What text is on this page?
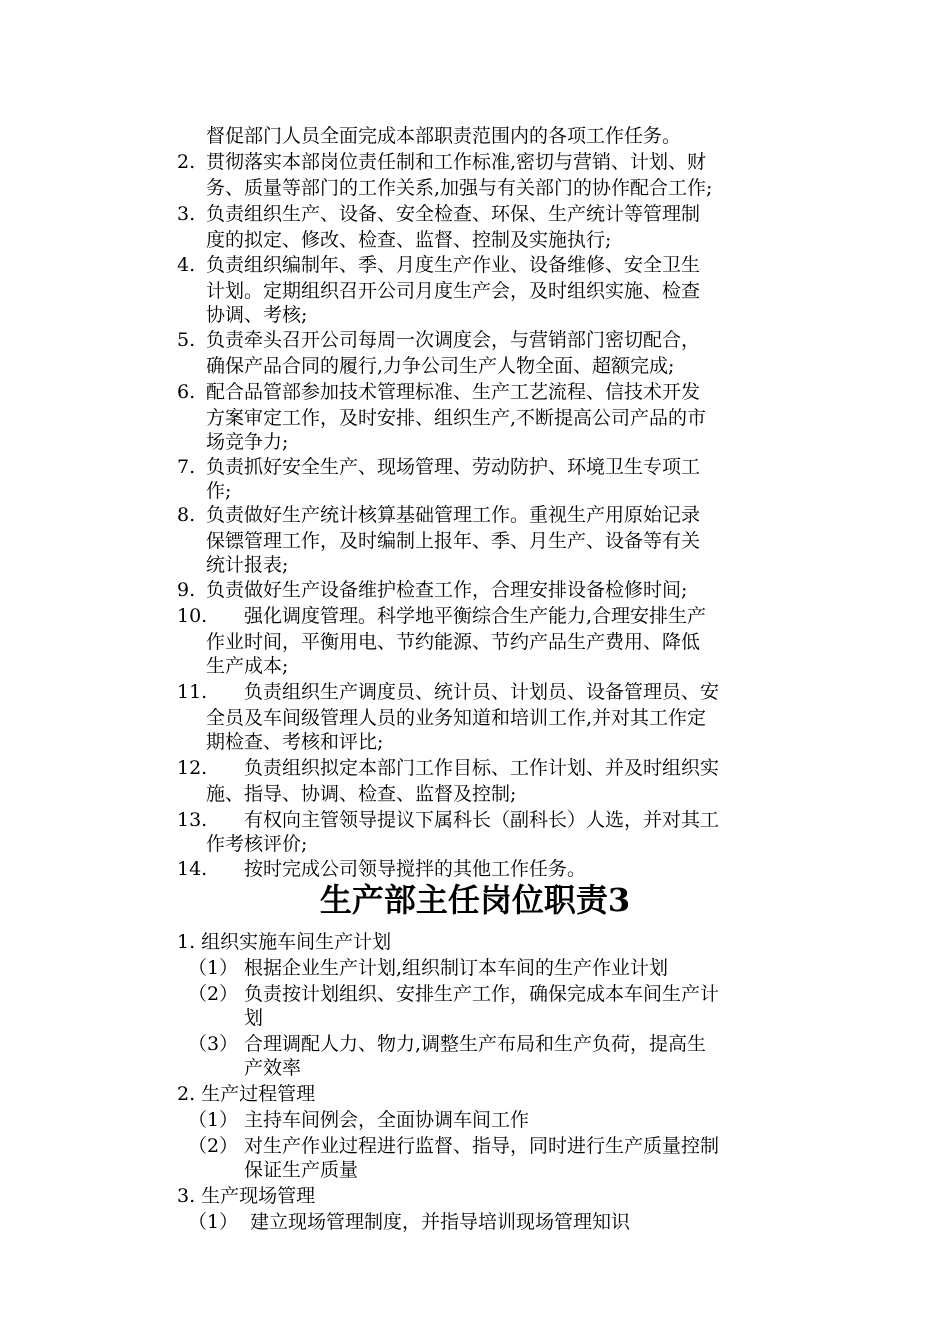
督促部门人员全面完成本部职责范围内的各项工作任务。
2. 贯彻落实本部岗位责任制和工作标准,密切与营销、计划、财
务、质量等部门的工作关系,加强与有关部门的协作配合工作;
3. 负责组织生产、设备、安全检查、环保、生产统计等管理制
度的拟定、修改、检查、监督、控制及实施执行;
4. 负责组织编制年、季、月度生产作业、设备维修、安全卫生
计划。定期组织召开公司月度生产会，及时组织实施、检查
协调、考核;
5. 负责牵头召开公司每周一次调度会，与营销部门密切配合，
确保产品合同的履行,力争公司生产人物全面、超额完成;
6. 配合品管部参加技术管理标准、生产工艺流程、信技术开发
方案审定工作，及时安排、组织生产,不断提高公司产品的市
场竞争力;
7. 负责抓好安全生产、现场管理、劳动防护、环境卫生专项工
作;
8. 负责做好生产统计核算基础管理工作。重视生产用原始记录
保镖管理工作，及时编制上报年、季、月生产、设备等有关
统计报表;
9. 负责做好生产设备维护检查工作，合理安排设备检修时间;
10. 强化调度管理。科学地平衡综合生产能力,合理安排生产
作业时间，平衡用电、节约能源、节约产品生产费用、降低
生产成本;
11. 负责组织生产调度员、统计员、计划员、设备管理员、安
全员及车间级管理人员的业务知道和培训工作,并对其工作定
期检查、考核和评比;
12. 负责组织拟定本部门工作目标、工作计划、并及时组织实
施、指导、协调、检查、监督及控制;
13. 有权向主管领导提议下属科长（副科长）人选，并对其工
作考核评价;
14. 按时完成公司领导搅拌的其他工作任务。
生产部主任岗位职责3
1. 组织实施车间生产计划
（1） 根据企业生产计划,组织制订本车间的生产作业计划
（2） 负责按计划组织、安排生产工作，确保完成本车间生产计
划
（3） 合理调配人力、物力,调整生产布局和生产负荷，提高生
产效率
2. 生产过程管理
（1） 主持车间例会，全面协调车间工作
（2） 对生产作业过程进行监督、指导，同时进行生产质量控制
保证生产质量
3. 生产现场管理
（1） 建立现场管理制度，并指导培训现场管理知识
